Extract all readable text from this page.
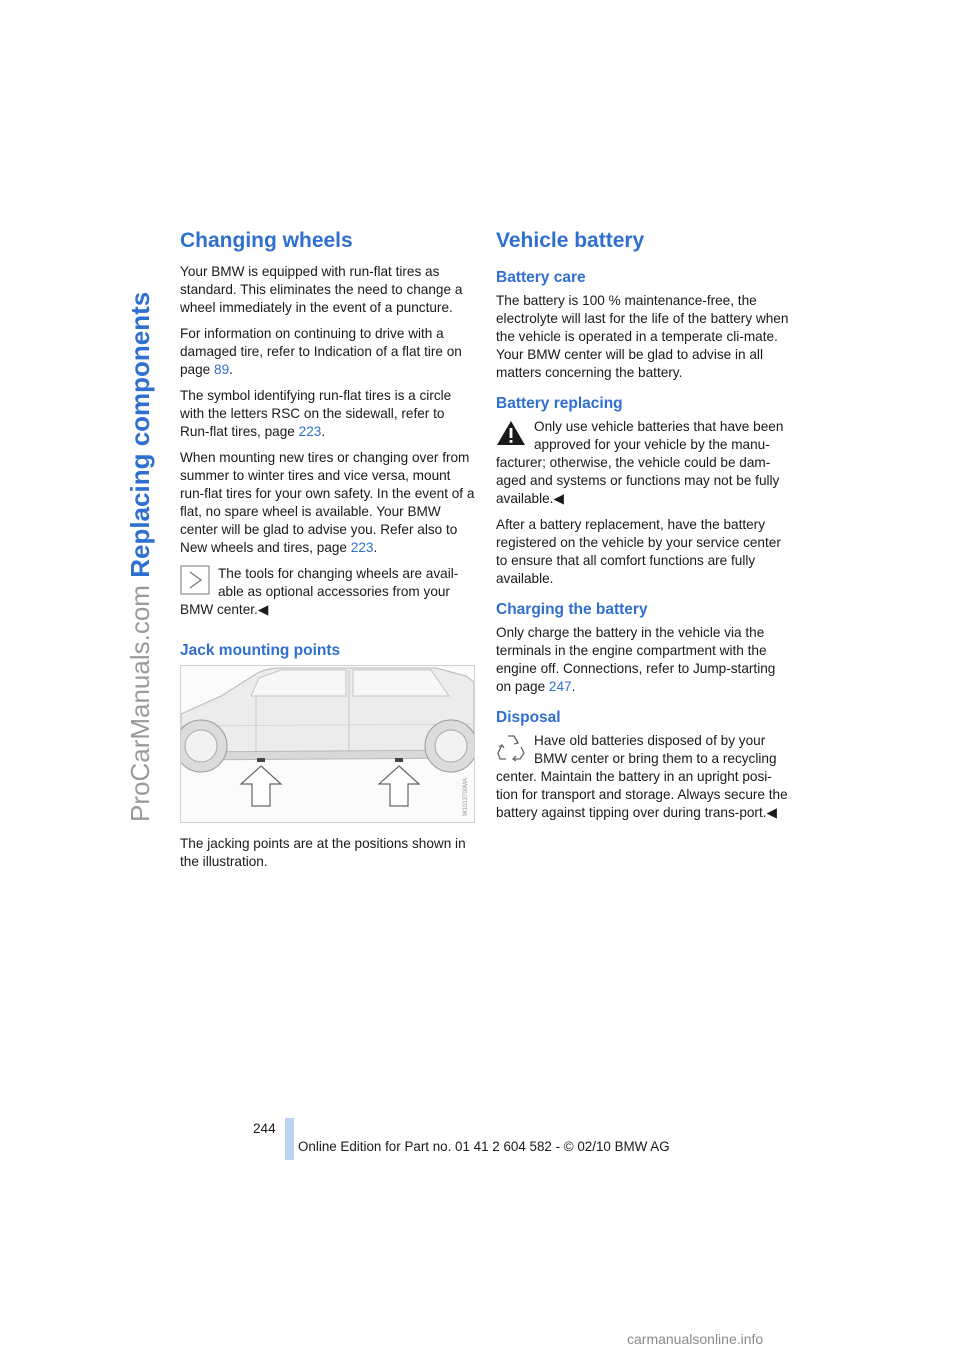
ProCarManuals.com Replacing components
Changing wheels

Your BMW is equipped with run-flat tires as standard. This eliminates the need to change a wheel immediately in the event of a puncture.

For information on continuing to drive with a damaged tire, refer to Indication of a flat tire on page 89.

The symbol identifying run-flat tires is a circle with the letters RSC on the sidewall, refer to Run-flat tires, page 223.

When mounting new tires or changing over from summer to winter tires and vice versa, mount run-flat tires for your own safety. In the event of a flat, no spare wheel is available. Your BMW center will be glad to advise you. Refer also to New wheels and tires, page 223.

The tools for changing wheels are avail-able as optional accessories from your
BMW center.◀
Jack mounting points
W1013700MA

The jacking points are at the positions shown in the illustration.

Vehicle battery
Battery care

The battery is 100 % maintenance-free, the electrolyte will last for the life of the battery when the vehicle is operated in a temperate cli-mate. Your BMW center will be glad to advise in all matters concerning the battery.

Battery replacing
Only use vehicle batteries that have been approved for your vehicle by the manu-
facturer; otherwise, the vehicle could be dam-aged and systems or functions may not be fully available.◀

After a battery replacement, have the battery registered on the vehicle by your service center to ensure that all comfort functions are fully available.

Charging the battery

Only charge the battery in the vehicle via the terminals in the engine compartment with the engine off. Connections, refer to Jump-starting on page 247.

Disposal
Have old batteries disposed of by your BMW center or bring them to a recycling
center. Maintain the battery in an upright posi-tion for transport and storage. Always secure the battery against tipping over during trans-port.◀
244
Online Edition for Part no. 01 41 2 604 582 - © 02/10 BMW AG
carmanualsonline.info
